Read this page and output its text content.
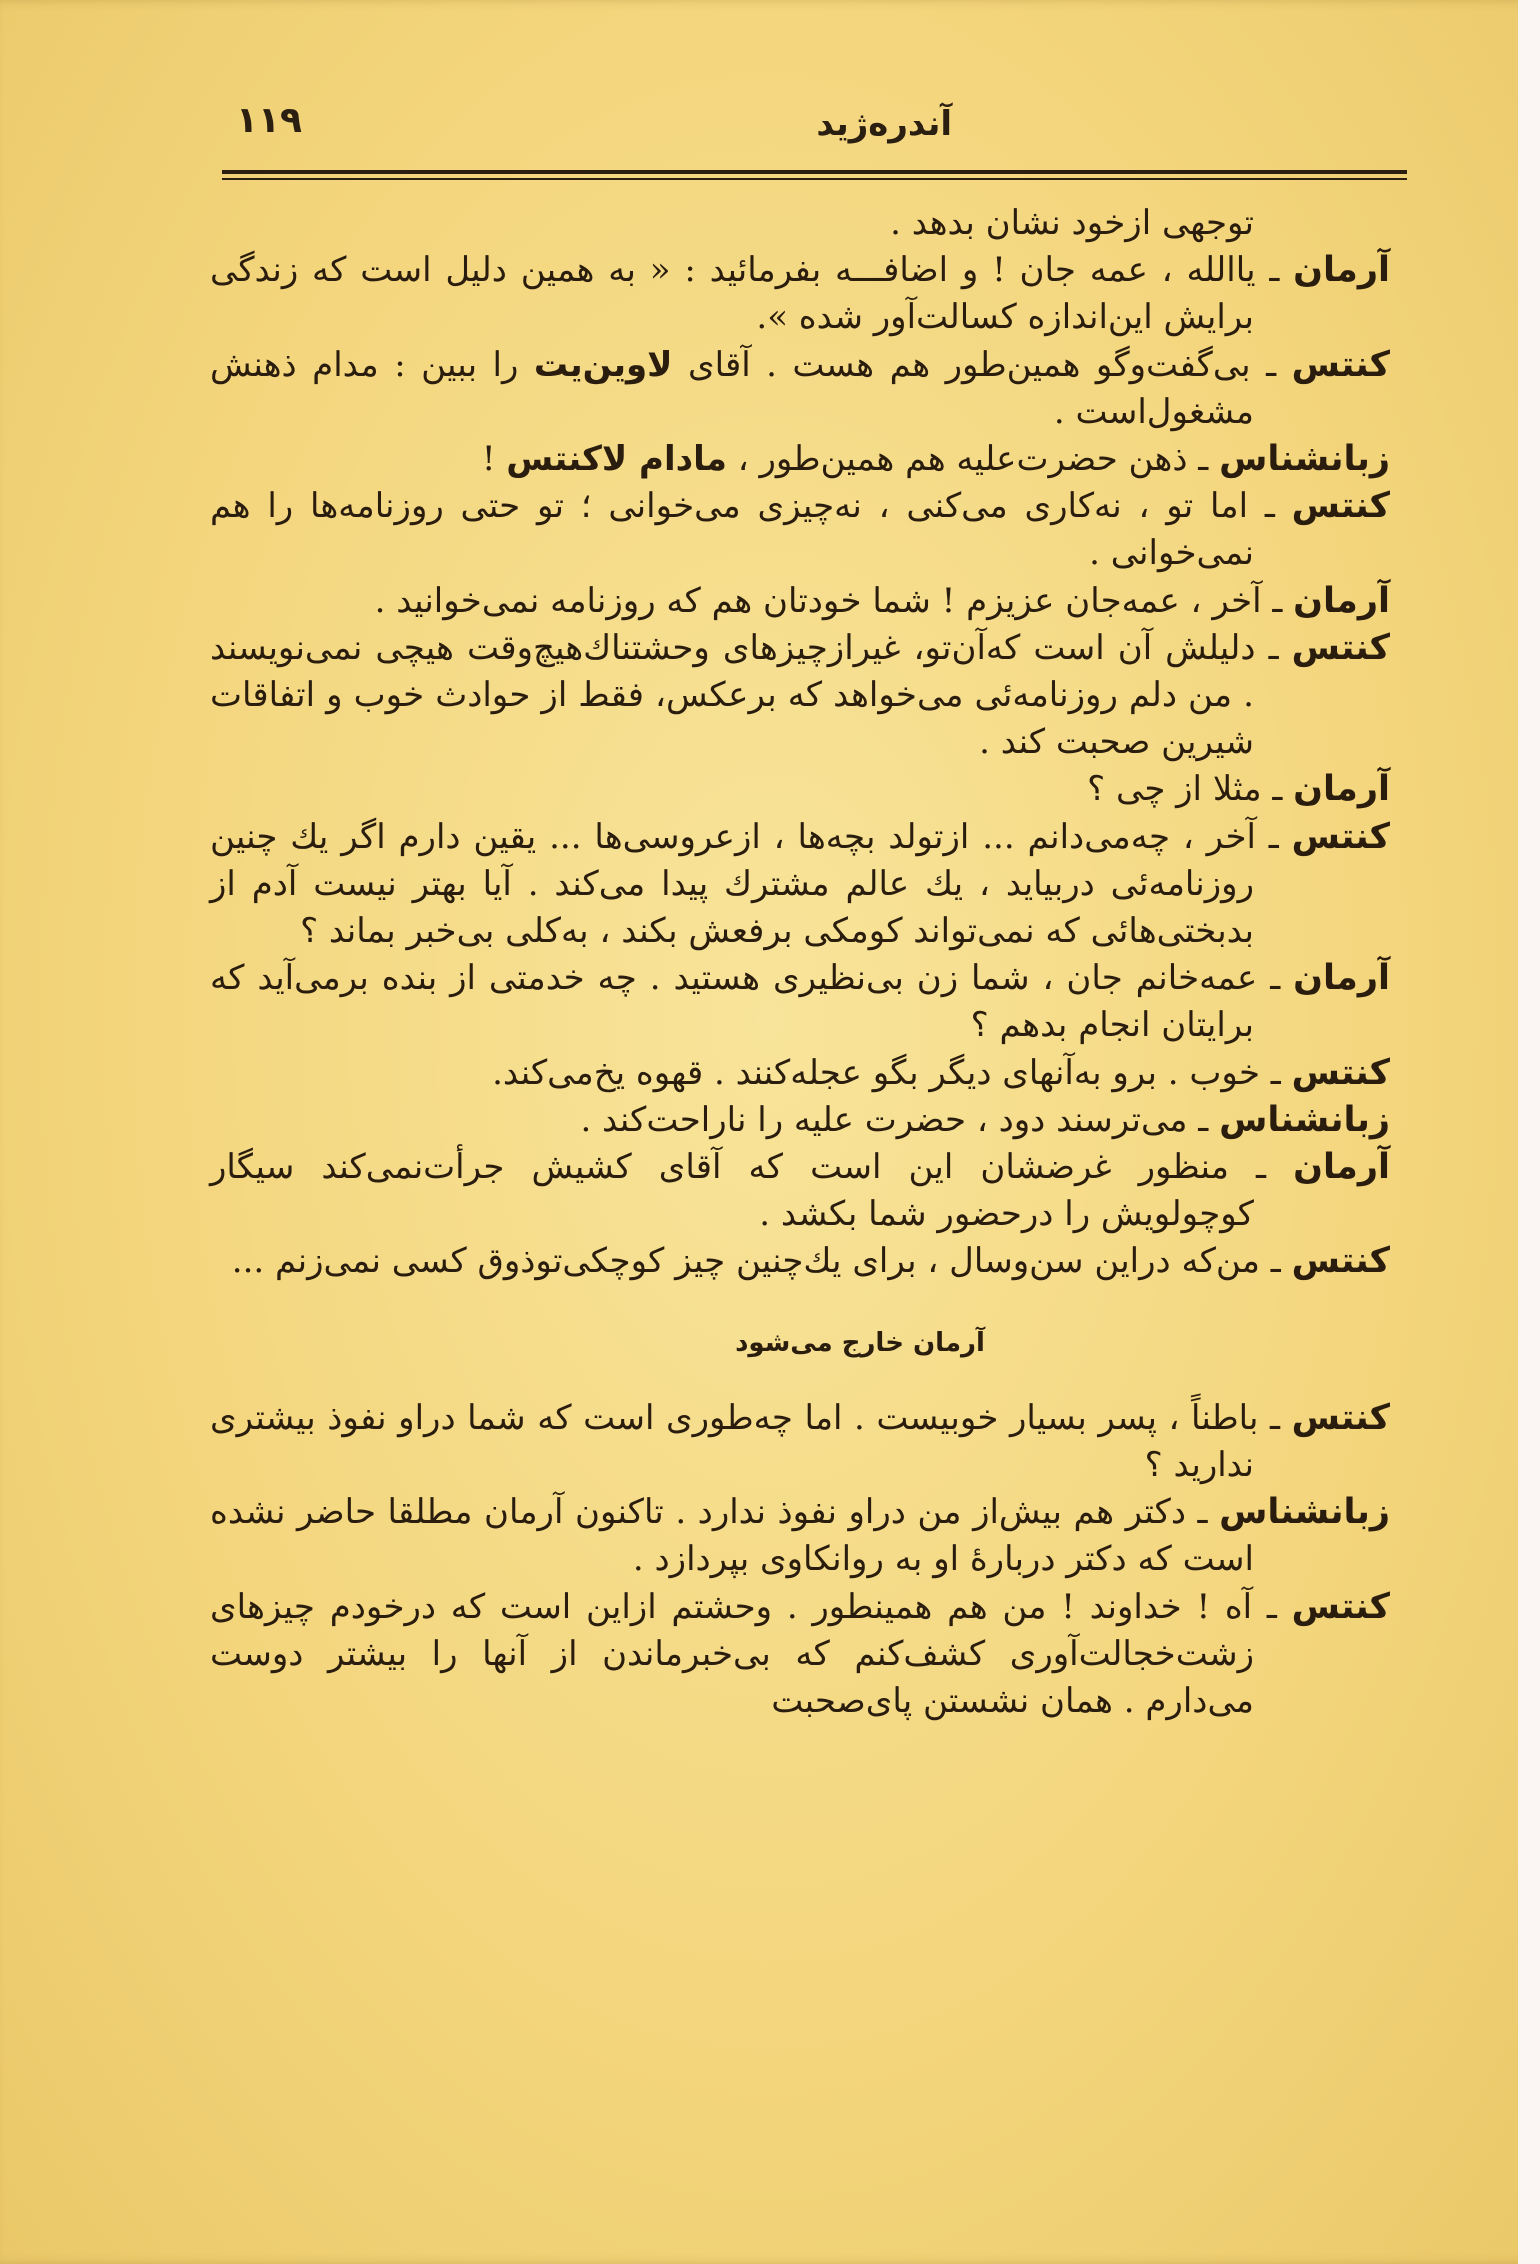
آندره‌ژید
۱۱۹

توجهی ازخود نشان بدهد .

آرمان ـ یاالله ، عمه جان ! و اضافـــه بفرمائید : « به همین دلیل است که زندگی برایش این‌اندازه کسالت‌آور شده ».

کنتس ـ بی‌گفت‌وگو همین‌طور هم هست . آقای لاوین‌یت را ببین : مدام ذهنش مشغول‌است .

زبانشناس ـ ذهن حضرت‌علیه هم همین‌طور ، مادام لاکنتس !

کنتس ـ اما تو ، نه‌کاری می‌کنی ، نه‌چیزی می‌خوانی ؛ تو حتی روزنامه‌ها را هم نمی‌خوانی .

آرمان ـ آخر ، عمه‌جان عزیزم ! شما خودتان هم که روزنامه نمی‌خوانید .

کنتس ـ دلیلش آن است که‌آن‌تو، غیرازچیزهای وحشتناك‌هیچ‌وقت هیچی نمی‌نویسند . من دلم روزنامه‌ئی می‌خواهد که برعکس، فقط از حوادث خوب و اتفاقات شیرین صحبت کند .

آرمان ـ مثلا از چی ؟

کنتس ـ آخر ، چه‌می‌دانم ... ازتولد بچه‌ها ، ازعروسی‌ها ... یقین دارم اگر یك چنین روزنامه‌ئی دربیاید ، یك عالم مشترك پیدا می‌کند . آیا بهتر نیست آدم از بدبختی‌هائی که نمی‌تواند کومکی برفعش بکند ، به‌کلی بی‌خبر بماند ؟

آرمان ـ عمه‌خانم جان ، شما زن بی‌نظیری هستید . چه خدمتی از بنده برمی‌آید که برایتان انجام بدهم ؟

کنتس ـ خوب . برو به‌آنهای دیگر بگو عجله‌کنند . قهوه یخ‌می‌کند.

زبانشناس ـ می‌ترسند دود ، حضرت علیه را ناراحت‌کند .

آرمان ـ منظور غرضشان این است که آقای کشیش جرأت‌نمی‌کند سیگار کوچولویش را درحضور شما بکشد .

کنتس ـ من‌که دراین سن‌وسال ، برای یك‌چنین چیز کوچکی‌توذوق کسی نمی‌زنم ...

آرمان خارج می‌شود

کنتس ـ باطناً ، پسر بسیار خوبیست . اما چه‌طوری است که شما دراو نفوذ بیشتری ندارید ؟

زبانشناس ـ دکتر هم بیش‌از من دراو نفوذ ندارد . تاکنون آرمان مطلقا حاضر نشده است که دکتر دربارهٔ او به روانکاوی بپردازد .

کنتس ـ آه ! خداوند ! من هم همینطور . وحشتم ازاین است که درخودم چیزهای زشت‌خجالت‌آوری کشف‌کنم که بی‌خبرماندن از آنها را بیشتر دوست می‌دارم . همان نشستن پای‌صحبت
